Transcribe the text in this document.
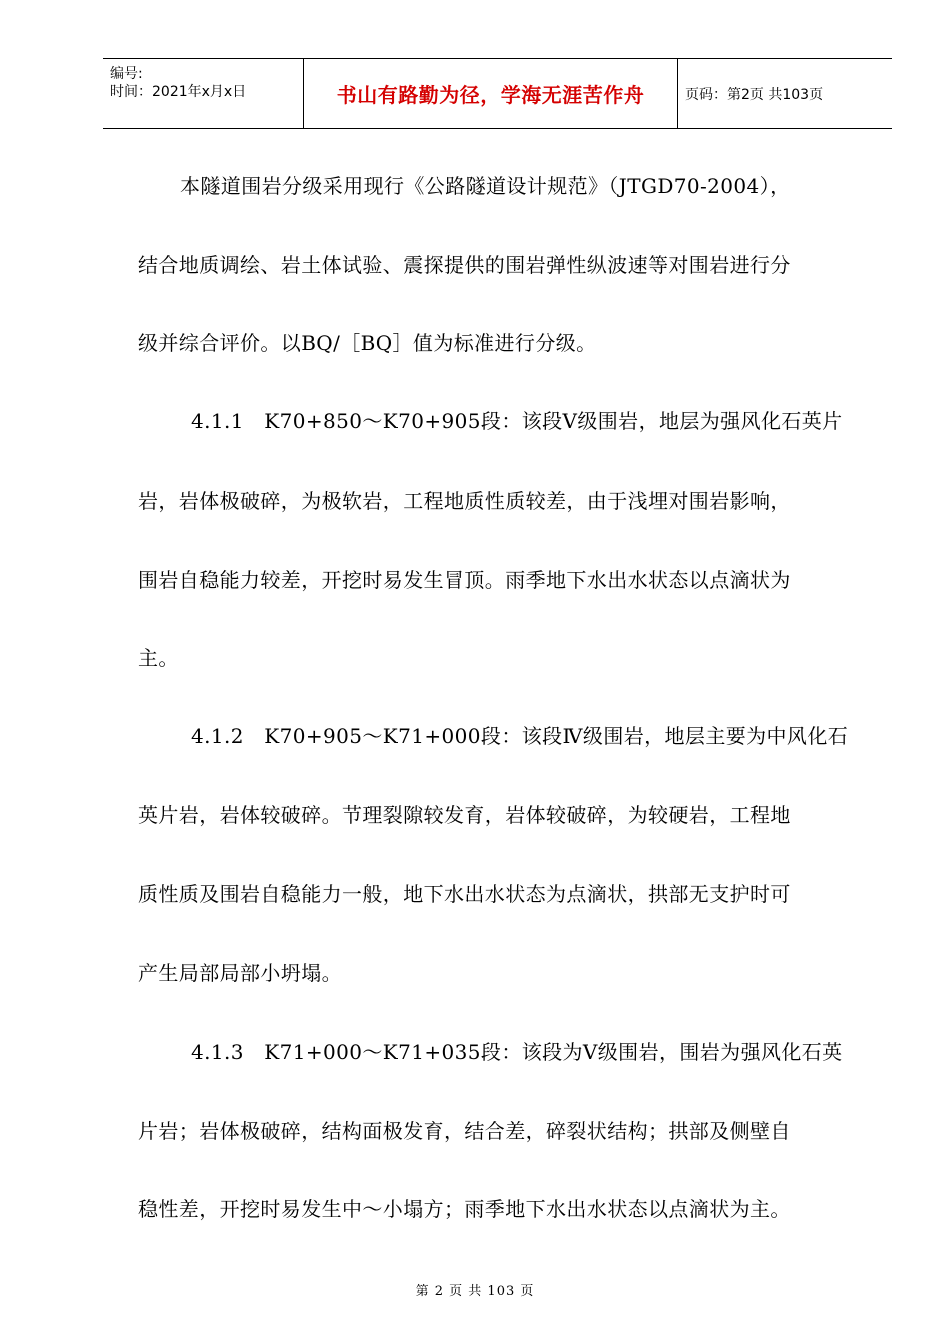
编号:
时间：2021年x月x日	书山有路勤为径，学海无涯苦作舟	页码：第2页 共103页
本隧道围岩分级采用现行《公路隧道设计规范》（JTGD70-2004），
结合地质调绘、岩土体试验、震探提供的围岩弹性纵波速等对围岩进行分
级并综合评价。以BQ/［BQ］值为标准进行分级。
4.1.1　K70+850～K70+905段：该段Ⅴ级围岩，地层为强风化石英片
岩，岩体极破碎，为极软岩，工程地质性质较差，由于浅埋对围岩影响，
围岩自稳能力较差，开挖时易发生冒顶。雨季地下水出水状态以点滴状为
主。
4.1.2　K70+905～K71+000段：该段Ⅳ级围岩，地层主要为中风化石
英片岩，岩体较破碎。节理裂隙较发育，岩体较破碎，为较硬岩，工程地
质性质及围岩自稳能力一般，地下水出水状态为点滴状，拱部无支护时可
产生局部局部小坍塌。
4.1.3　K71+000～K71+035段：该段为Ⅴ级围岩，围岩为强风化石英
片岩；岩体极破碎，结构面极发育，结合差，碎裂状结构；拱部及侧壁自
稳性差，开挖时易发生中～小塌方；雨季地下水出水状态以点滴状为主。
第 2 页 共 103 页
